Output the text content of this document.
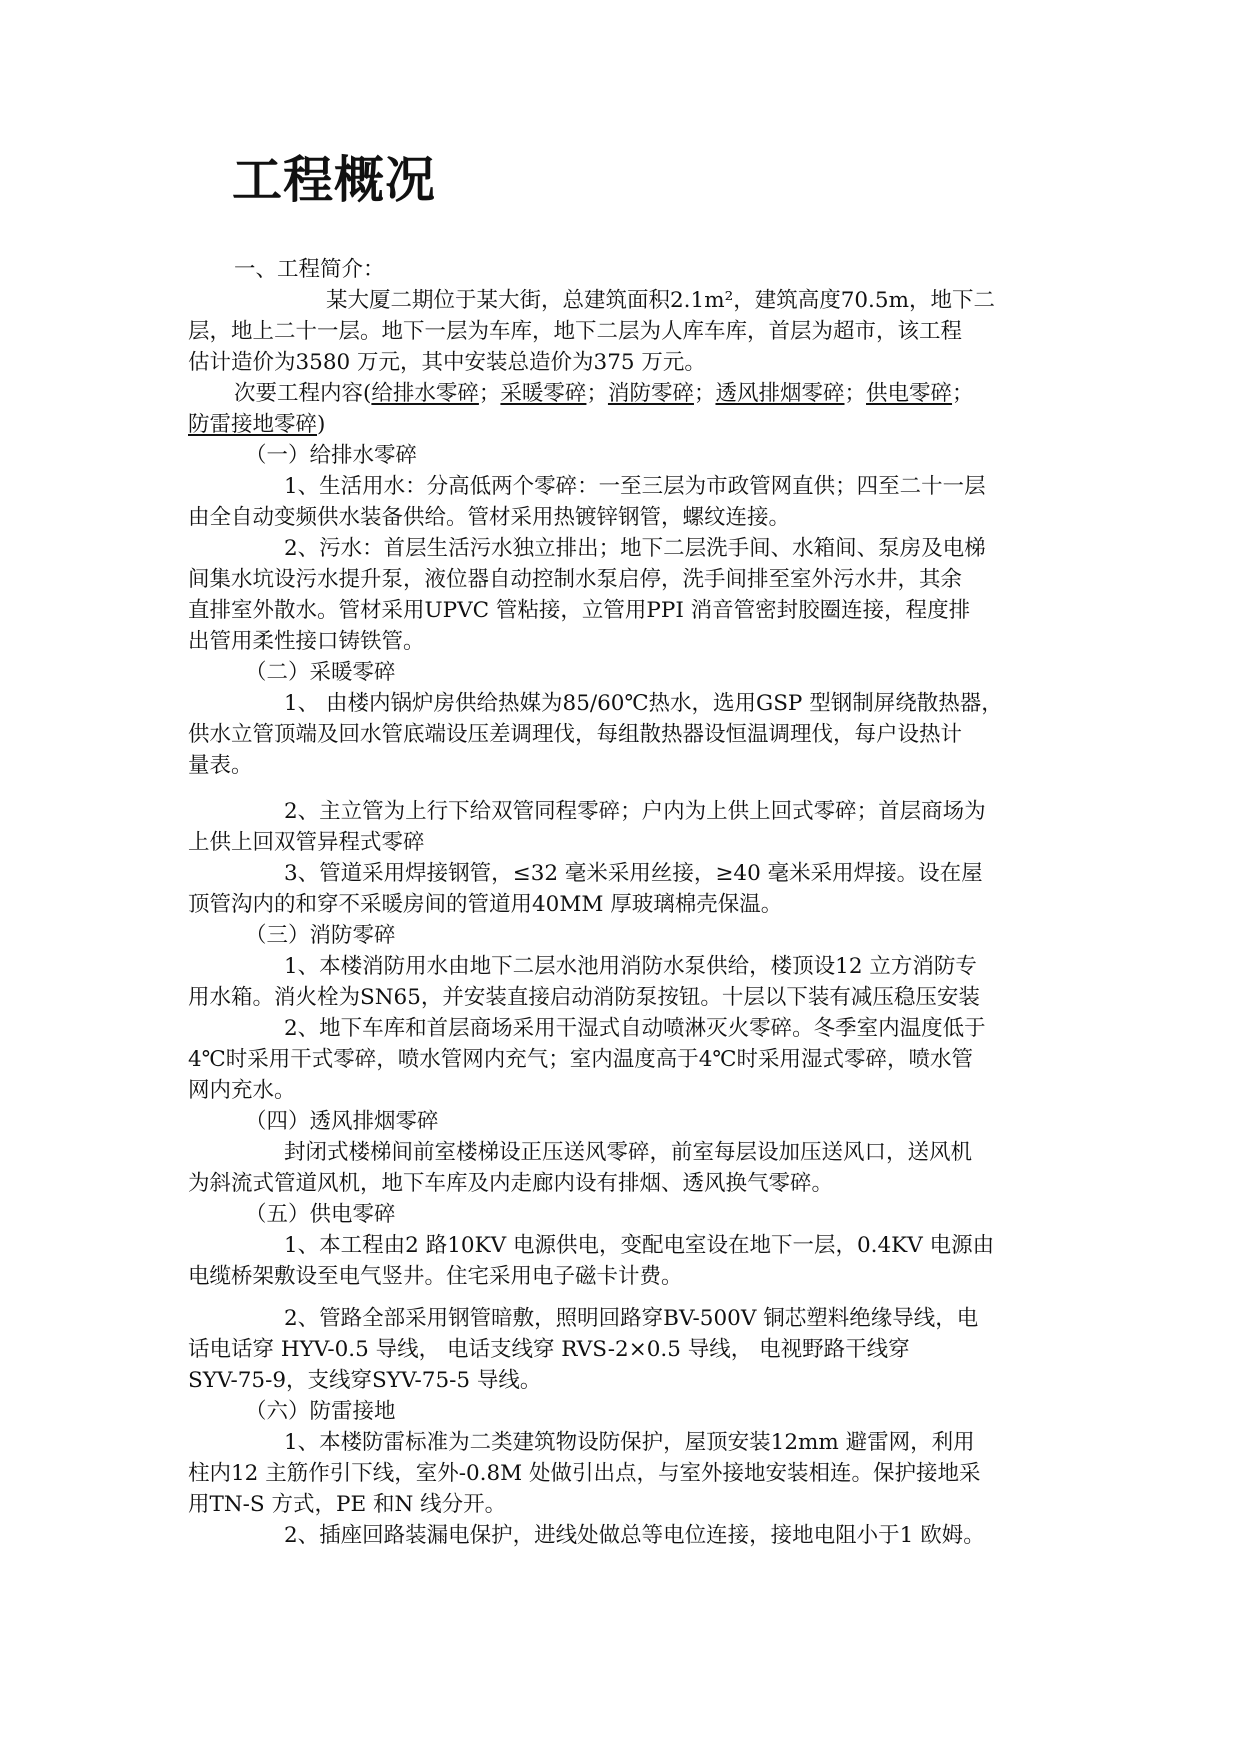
工程概况
一、工程简介：
某大厦二期位于某大街，总建筑面积2.1m²，建筑高度70.5m，地下二
层，地上二十一层。地下一层为车库，地下二层为人库车库，首层为超市，该工程
估计造价为3580 万元，其中安装总造价为375 万元。
次要工程内容(给排水零碎；采暖零碎；消防零碎；透风排烟零碎；供电零碎；
防雷接地零碎)
（一）给排水零碎
1、生活用水：分高低两个零碎：一至三层为市政管网直供；四至二十一层
由全自动变频供水装备供给。管材采用热镀锌钢管，螺纹连接。
2、污水：首层生活污水独立排出；地下二层洗手间、水箱间、泵房及电梯
间集水坑设污水提升泵，液位器自动控制水泵启停，洗手间排至室外污水井，其余
直排室外散水。管材采用UPVC 管粘接，立管用PPI 消音管密封胶圈连接，程度排
出管用柔性接口铸铁管。
（二）采暖零碎
1、 由楼内锅炉房供给热媒为85/60℃热水，选用GSP 型钢制屏绕散热器，
供水立管顶端及回水管底端设压差调理伐，每组散热器设恒温调理伐，每户设热计
量表。
2、主立管为上行下给双管同程零碎；户内为上供上回式零碎；首层商场为
上供上回双管异程式零碎
3、管道采用焊接钢管，≤32 毫米采用丝接，≥40 毫米采用焊接。设在屋
顶管沟内的和穿不采暖房间的管道用40MM 厚玻璃棉壳保温。
（三）消防零碎
1、本楼消防用水由地下二层水池用消防水泵供给，楼顶设12 立方消防专
用水箱。消火栓为SN65，并安装直接启动消防泵按钮。十层以下装有减压稳压安装
2、地下车库和首层商场采用干湿式自动喷淋灭火零碎。冬季室内温度低于
4℃时采用干式零碎，喷水管网内充气；室内温度高于4℃时采用湿式零碎，喷水管
网内充水。
（四）透风排烟零碎
封闭式楼梯间前室楼梯设正压送风零碎，前室每层设加压送风口，送风机
为斜流式管道风机，地下车库及内走廊内设有排烟、透风换气零碎。
（五）供电零碎
1、本工程由2 路10KV 电源供电，变配电室设在地下一层，0.4KV 电源由
电缆桥架敷设至电气竖井。住宅采用电子磁卡计费。
2、管路全部采用钢管暗敷，照明回路穿BV-500V 铜芯塑料绝缘导线，电
话电话穿 HYV-0.5 导线， 电话支线穿 RVS-2×0.5 导线， 电视野路干线穿
SYV-75-9，支线穿SYV-75-5 导线。
（六）防雷接地
1、本楼防雷标准为二类建筑物设防保护，屋顶安装12mm 避雷网，利用
柱内12 主筋作引下线，室外-0.8M 处做引出点，与室外接地安装相连。保护接地采
用TN-S 方式，PE 和N 线分开。
2、插座回路装漏电保护，进线处做总等电位连接，接地电阻小于1 欧姆。
